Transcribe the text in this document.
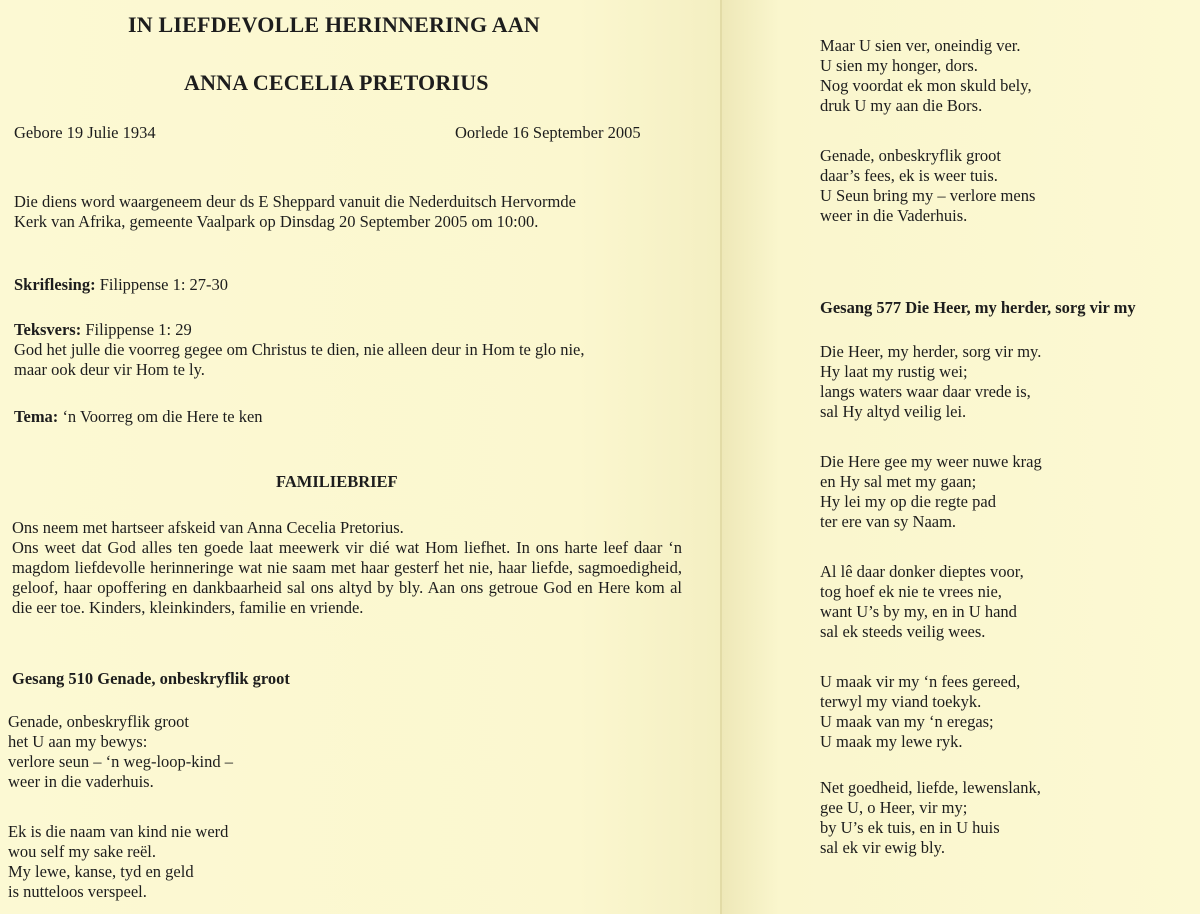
IN LIEFDEVOLLE HERINNERING AAN
ANNA CECELIA PRETORIUS
Gebore 19 Julie 1934	Oorlede 16 September 2005
Die diens word waargeneem deur ds E Sheppard vanuit die Nederduitsch Hervormde
Kerk van Afrika, gemeente Vaalpark op Dinsdag 20 September 2005 om 10:00.
Skriflesing: Filippense 1: 27-30
Teksvers: Filippense 1: 29
God het julle die voorreg gegee om Christus te dien, nie alleen deur in Hom te glo nie,
maar ook deur vir Hom te ly.
Tema: ‘n Voorreg om die Here te ken
FAMILIEBRIEF
Ons neem met hartseer afskeid van Anna Cecelia Pretorius.
Ons weet dat God alles ten goede laat meewerk vir dié wat Hom liefhet. In ons harte leef daar ‘n magdom liefdevolle herinneringe wat nie saam met haar gesterf het nie, haar liefde, sagmoedigheid, geloof, haar opoffering en dankbaarheid sal ons altyd by bly. Aan ons getroue God en Here kom al die eer toe. Kinders, kleinkinders, familie en vriende.
Gesang 510 Genade, onbeskryflik groot
Genade, onbeskryflik groot
het U aan my bewys:
verlore seun – ‘n weg-loop-kind –
weer in die vaderhuis.
Ek is die naam van kind nie werd
wou self my sake reël.
My lewe, kanse, tyd en geld
is nutteloos verspeel.
Maar U sien ver, oneindig ver.
U sien my honger, dors.
Nog voordat ek mon skuld bely,
druk U my aan die Bors.
Genade, onbeskryflik groot
daar’s fees, ek is weer tuis.
U Seun bring my – verlore mens
weer in die Vaderhuis.
Gesang 577 Die Heer, my herder, sorg vir my
Die Heer, my herder, sorg vir my.
Hy laat my rustig wei;
langs waters waar daar vrede is,
sal Hy altyd veilig lei.
Die Here gee my weer nuwe krag
en Hy sal met my gaan;
Hy lei my op die regte pad
ter ere van sy Naam.
Al lê daar donker dieptes voor,
tog hoef ek nie te vrees nie,
want U’s by my, en in U hand
sal ek steeds veilig wees.
U maak vir my ‘n fees gereed,
terwyl my viand toekyk.
U maak van my ‘n eregas;
U maak my lewe ryk.
Net goedheid, liefde, lewenslank,
gee U, o Heer, vir my;
by U’s ek tuis, en in U huis
sal ek vir ewig bly.
